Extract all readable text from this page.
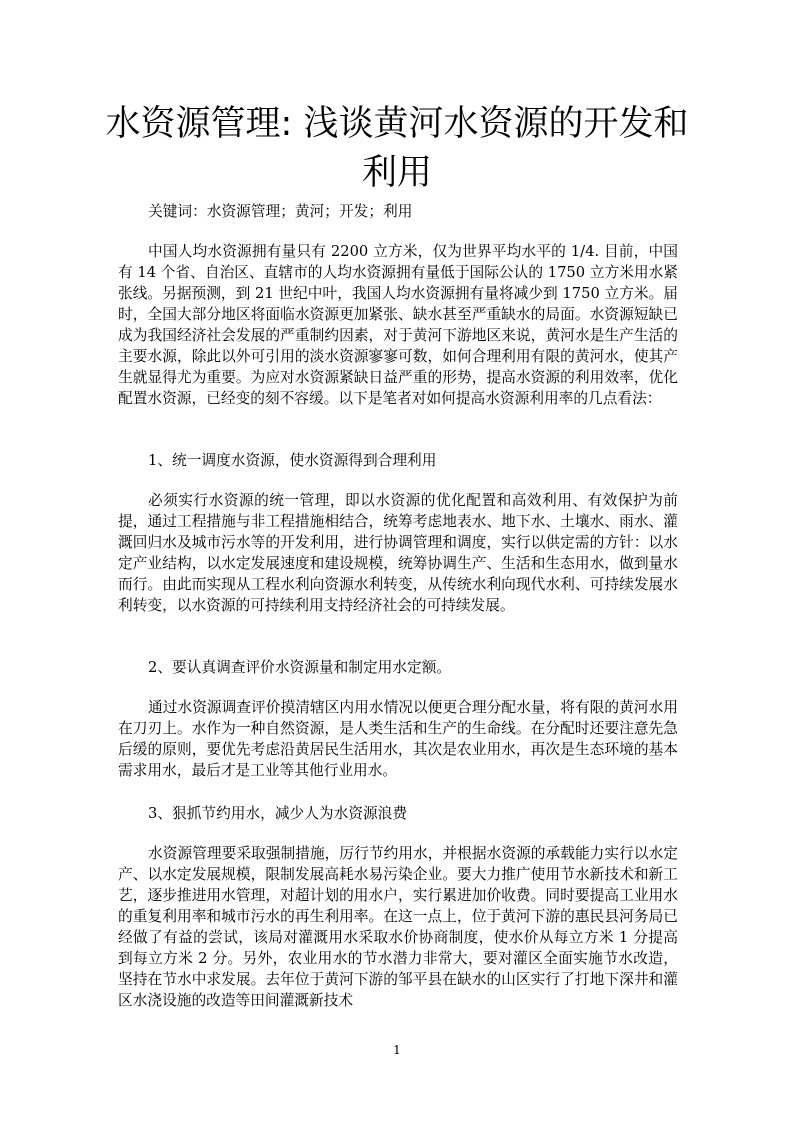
水资源管理: 浅谈黄河水资源的开发和利用

关键词：水资源管理；黄河；开发；利用

中国人均水资源拥有量只有 2200 立方米，仅为世界平均水平的 1/4. 目前，中国有 14 个省、自治区、直辖市的人均水资源拥有量低于国际公认的 1750 立方米用水紧张线。另据预测，到 21 世纪中叶，我国人均水资源拥有量将减少到 1750 立方米。届时，全国大部分地区将面临水资源更加紧张、缺水甚至严重缺水的局面。水资源短缺已成为我国经济社会发展的严重制约因素，对于黄河下游地区来说，黄河水是生产生活的主要水源，除此以外可引用的淡水资源寥寥可数，如何合理利用有限的黄河水，使其产生就显得尤为重要。为应对水资源紧缺日益严重的形势，提高水资源的利用效率，优化配置水资源，已经变的刻不容缓。以下是笔者对如何提高水资源利用率的几点看法：

1、统一调度水资源，使水资源得到合理利用

必须实行水资源的统一管理，即以水资源的优化配置和高效利用、有效保护为前提，通过工程措施与非工程措施相结合，统筹考虑地表水、地下水、土壤水、雨水、灌溉回归水及城市污水等的开发利用，进行协调管理和调度，实行以供定需的方针：以水定产业结构，以水定发展速度和建设规模，统筹协调生产、生活和生态用水，做到量水而行。由此而实现从工程水利向资源水利转变，从传统水利向现代水利、可持续发展水利转变，以水资源的可持续利用支持经济社会的可持续发展。

2、要认真调查评价水资源量和制定用水定额。

通过水资源调查评价摸清辖区内用水情况以便更合理分配水量，将有限的黄河水用在刀刃上。水作为一种自然资源，是人类生活和生产的生命线。在分配时还要注意先急后缓的原则，要优先考虑沿黄居民生活用水，其次是农业用水，再次是生态环境的基本需求用水，最后才是工业等其他行业用水。

3、狠抓节约用水，减少人为水资源浪费

水资源管理要采取强制措施，厉行节约用水，并根据水资源的承载能力实行以水定产、以水定发展规模，限制发展高耗水易污染企业。要大力推广使用节水新技术和新工艺，逐步推进用水管理，对超计划的用水户，实行累进加价收费。同时要提高工业用水的重复利用率和城市污水的再生利用率。在这一点上，位于黄河下游的惠民县河务局已经做了有益的尝试，该局对灌溉用水采取水价协商制度，使水价从每立方米 1 分提高到每立方米 2 分。另外，农业用水的节水潜力非常大，要对灌区全面实施节水改造，坚持在节水中求发展。去年位于黄河下游的邹平县在缺水的山区实行了打地下深井和灌区水浇设施的改造等田间灌溉新技术

1
